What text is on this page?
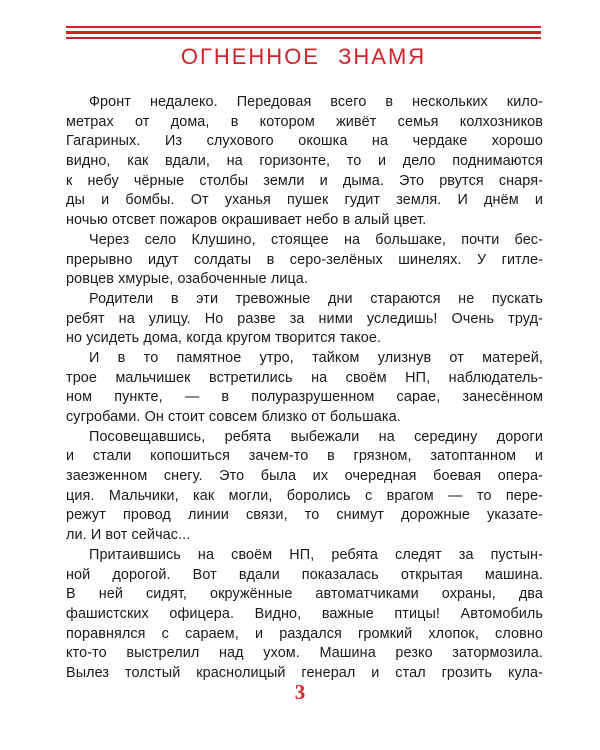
ОГНЕННОЕ ЗНАМЯ
Фронт недалеко. Передовая всего в нескольких кило-
метрах от дома, в котором живёт семья колхозников
Гагариных. Из слухового окошка на чердаке хорошо
видно, как вдали, на горизонте, то и дело поднимаются
к небу чёрные столбы земли и дыма. Это рвутся снаря-
ды и бомбы. От уханья пушек гудит земля. И днём и
ночью отсвет пожаров окрашивает небо в алый цвет.
Через село Клушино, стоящее на большаке, почти бес-
прерывно идут солдаты в серо-зелёных шинелях. У гитле-
ровцев хмурые, озабоченные лица.
Родители в эти тревожные дни стараются не пускать
ребят на улицу. Но разве за ними уследишь! Очень труд-
но усидеть дома, когда кругом творится такое.
И в то памятное утро, тайком улизнув от матерей,
трое мальчишек встретились на своём НП, наблюдатель-
ном пункте, — в полуразрушенном сарае, занесённом
сугробами. Он стоит совсем близко от большака.
Посовещавшись, ребята выбежали на середину дороги
и стали копошиться зачем-то в грязном, затоптанном и
заезженном снегу. Это была их очередная боевая опера-
ция. Мальчики, как могли, боролись с врагом — то пере-
режут провод линии связи, то снимут дорожные указате-
ли. И вот сейчас...
Притаившись на своём НП, ребята следят за пустын-
ной дорогой. Вот вдали показалась открытая машина.
В ней сидят, окружённые автоматчиками охраны, два
фашистских офицера. Видно, важные птицы! Автомобиль
поравнялся с сараем, и раздался громкий хлопок, словно
кто-то выстрелил над ухом. Машина резко затормозила.
Вылез толстый краснолицый генерал и стал грозить кула-
3
